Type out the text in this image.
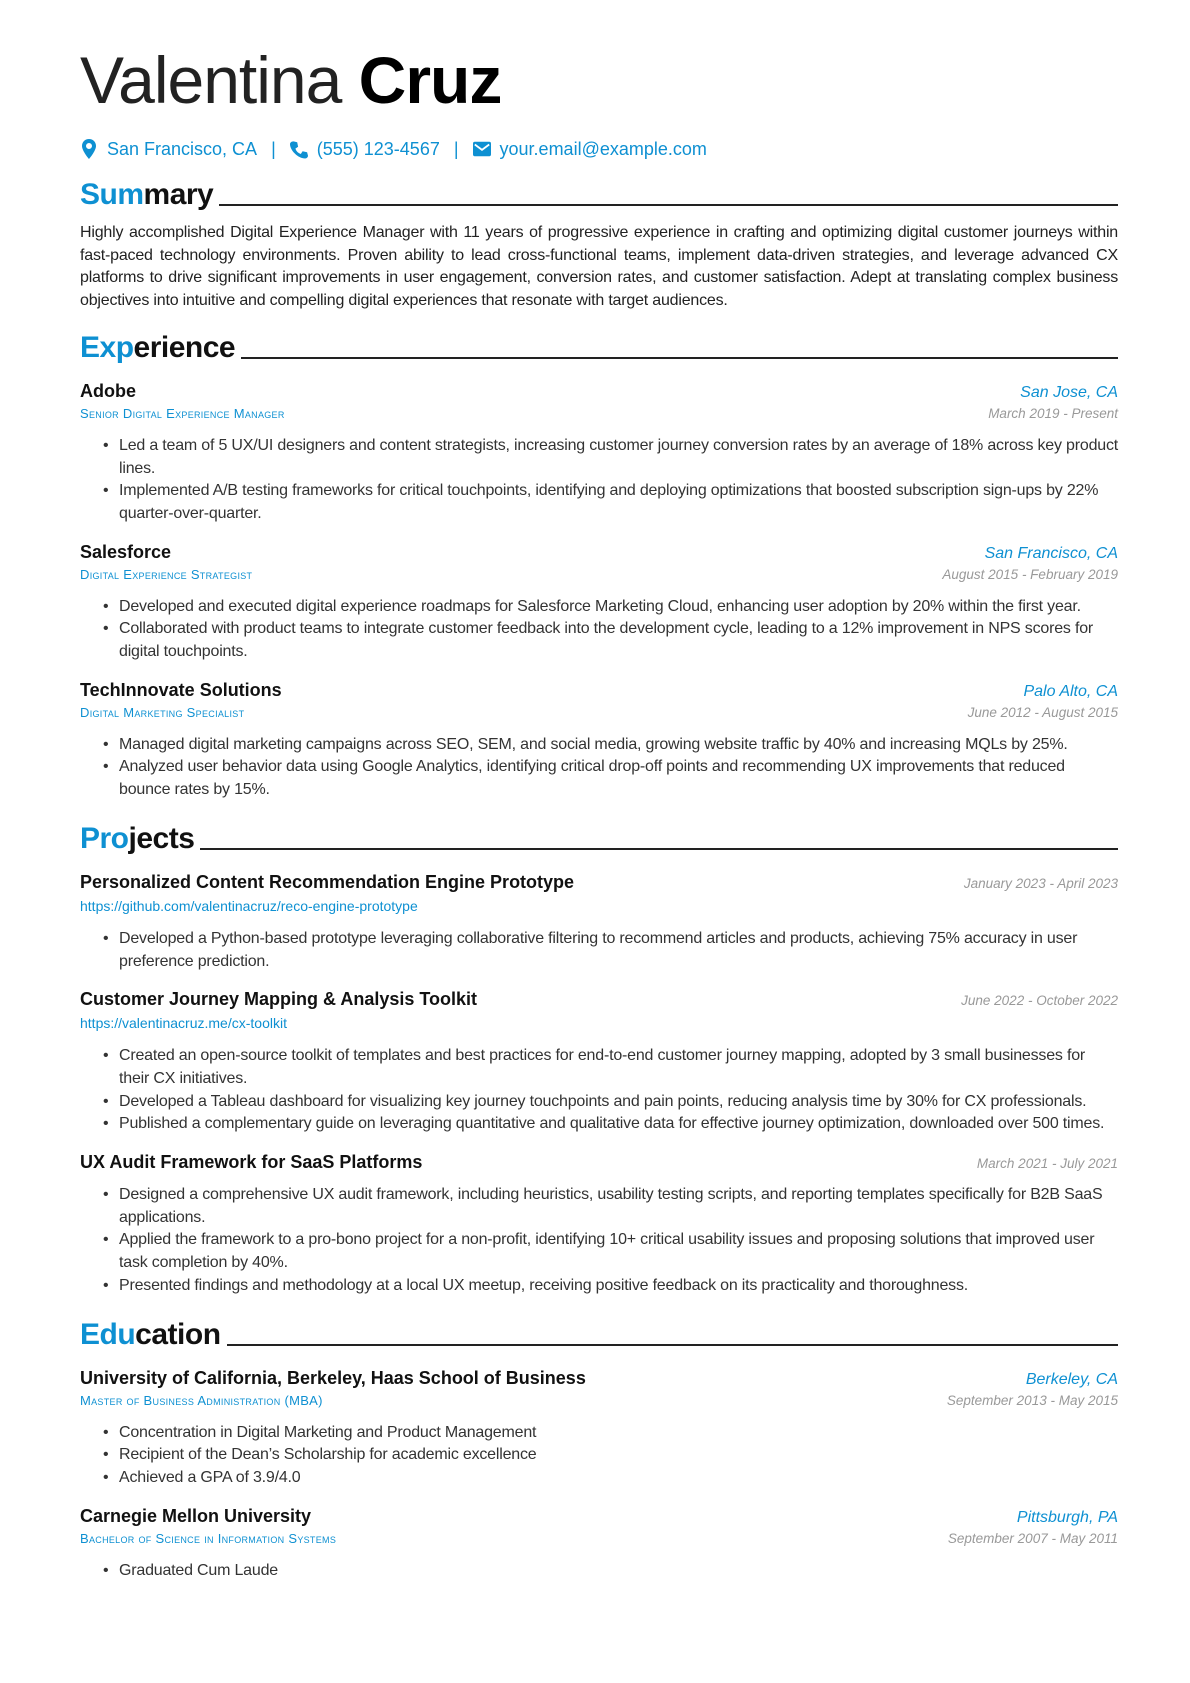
Valentina Cruz
San Francisco, CA | (555) 123-4567 | your.email@example.com
Summary

Highly accomplished Digital Experience Manager with 11 years of progressive experience in crafting and optimizing digital customer journeys within fast-paced technology environments. Proven ability to lead cross-functional teams, implement data-driven strategies, and leverage advanced CX platforms to drive significant improvements in user engagement, conversion rates, and customer satisfaction. Adept at translating complex business objectives into intuitive and compelling digital experiences that resonate with target audiences.

Experience
Adobe	San Jose, CA
Senior Digital Experience Manager	March 2019 - Present
• Led a team of 5 UX/UI designers and content strategists, increasing customer journey conversion rates by an average of 18% across key product lines.
• Implemented A/B testing frameworks for critical touchpoints, identifying and deploying optimizations that boosted subscription sign-ups by 22% quarter-over-quarter.
Salesforce	San Francisco, CA
Digital Experience Strategist	August 2015 - February 2019
• Developed and executed digital experience roadmaps for Salesforce Marketing Cloud, enhancing user adoption by 20% within the first year.
• Collaborated with product teams to integrate customer feedback into the development cycle, leading to a 12% improvement in NPS scores for digital touchpoints.
TechInnovate Solutions	Palo Alto, CA
Digital Marketing Specialist	June 2012 - August 2015
• Managed digital marketing campaigns across SEO, SEM, and social media, growing website traffic by 40% and increasing MQLs by 25%.
• Analyzed user behavior data using Google Analytics, identifying critical drop-off points and recommending UX improvements that reduced bounce rates by 15%.
Projects
Personalized Content Recommendation Engine Prototype	January 2023 - April 2023
https://github.com/valentinacruz/reco-engine-prototype
• Developed a Python-based prototype leveraging collaborative filtering to recommend articles and products, achieving 75% accuracy in user preference prediction.
Customer Journey Mapping & Analysis Toolkit	June 2022 - October 2022
https://valentinacruz.me/cx-toolkit
• Created an open-source toolkit of templates and best practices for end-to-end customer journey mapping, adopted by 3 small businesses for their CX initiatives.
• Developed a Tableau dashboard for visualizing key journey touchpoints and pain points, reducing analysis time by 30% for CX professionals.
• Published a complementary guide on leveraging quantitative and qualitative data for effective journey optimization, downloaded over 500 times.
UX Audit Framework for SaaS Platforms	March 2021 - July 2021
• Designed a comprehensive UX audit framework, including heuristics, usability testing scripts, and reporting templates specifically for B2B SaaS applications.
• Applied the framework to a pro-bono project for a non-profit, identifying 10+ critical usability issues and proposing solutions that improved user task completion by 40%.
• Presented findings and methodology at a local UX meetup, receiving positive feedback on its practicality and thoroughness.
Education
University of California, Berkeley, Haas School of Business	Berkeley, CA
Master of Business Administration (MBA)	September 2013 - May 2015
• Concentration in Digital Marketing and Product Management
• Recipient of the Dean’s Scholarship for academic excellence
• Achieved a GPA of 3.9/4.0
Carnegie Mellon University	Pittsburgh, PA
Bachelor of Science in Information Systems	September 2007 - May 2011
• Graduated Cum Laude
